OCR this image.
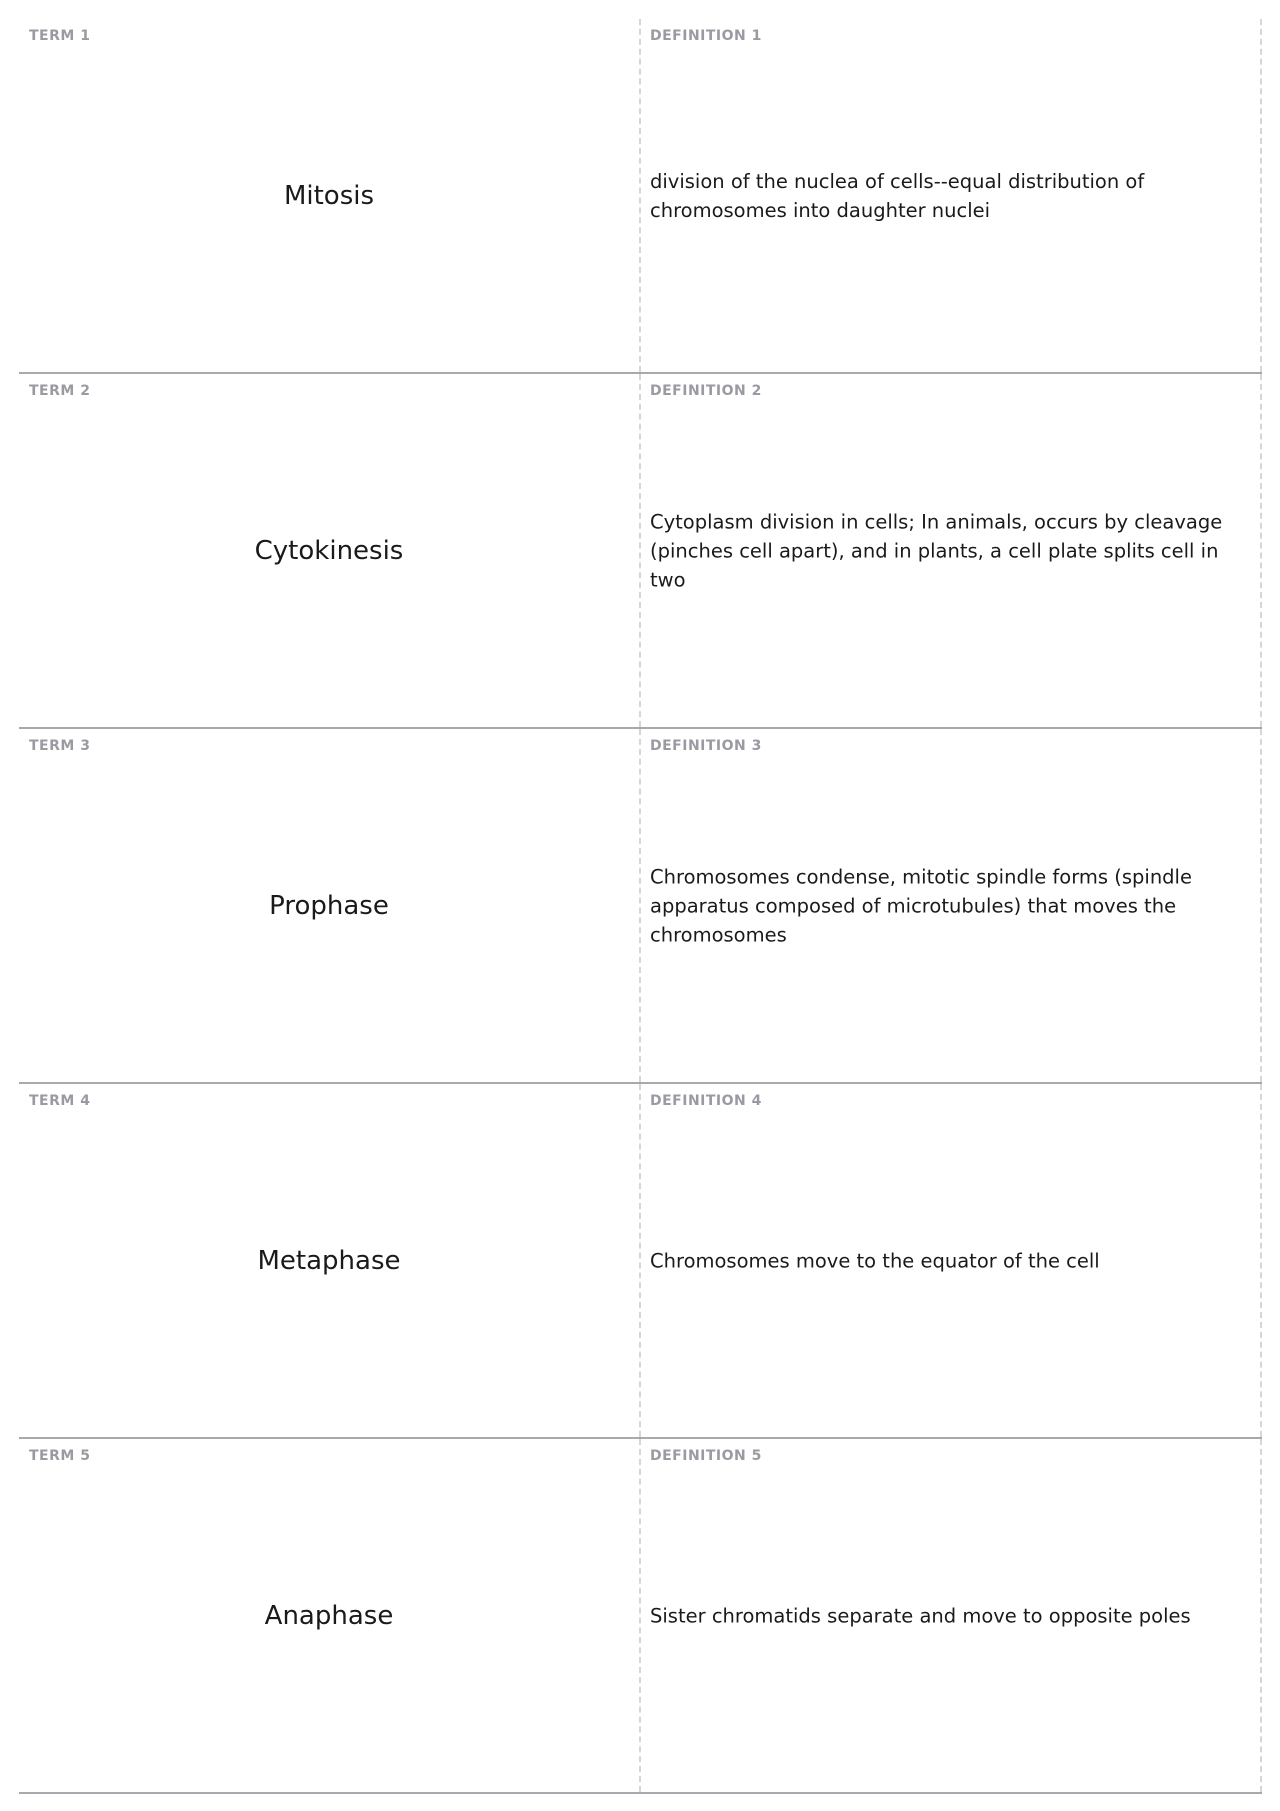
TERM 1
Mitosis
DEFINITION 1
division of the nuclea of cells--equal distribution of chromosomes into daughter nuclei
TERM 2
Cytokinesis
DEFINITION 2
Cytoplasm division in cells; In animals, occurs by cleavage (pinches cell apart), and in plants, a cell plate splits cell in two
TERM 3
Prophase
DEFINITION 3
Chromosomes condense, mitotic spindle forms (spindle apparatus composed of microtubules) that moves the chromosomes
TERM 4
Metaphase
DEFINITION 4
Chromosomes move to the equator of the cell
TERM 5
Anaphase
DEFINITION 5
Sister chromatids separate and move to opposite poles
